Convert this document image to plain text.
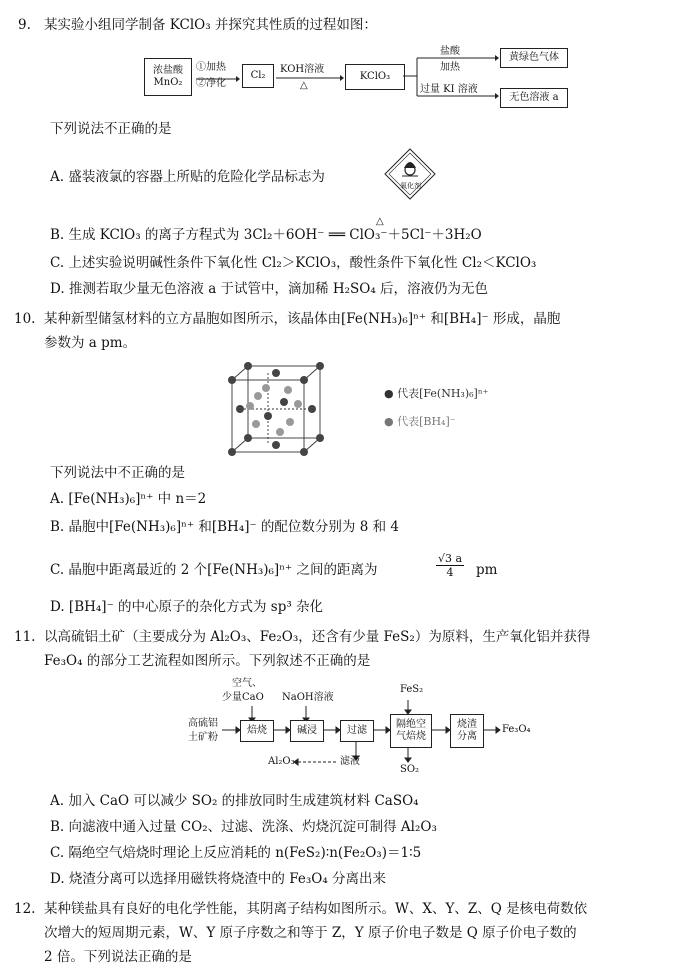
9. 某实验小组同学制备 KClO₃ 并探究其性质的过程如图：
浓盐酸
MnO₂
①加热
②净化
Cl₂
KOH溶液
△
KClO₃
盐酸
加热
过量 KI 溶液
黄绿色气体
无色溶液 a
下列说法不正确的是
A. 盛装液氯的容器上所贴的危险化学品标志为
氧化剂
B. 生成 KClO₃ 的离子方程式为 3Cl₂＋6OH⁻ ══ ClO₃⁻＋5Cl⁻＋3H₂O
△
C. 上述实验说明碱性条件下氧化性 Cl₂＞KClO₃，酸性条件下氧化性 Cl₂＜KClO₃
D. 推测若取少量无色溶液 a 于试管中，滴加稀 H₂SO₄ 后，溶液仍为无色
10. 某种新型储氢材料的立方晶胞如图所示，该晶体由[Fe(NH₃)₆]ⁿ⁺ 和[BH₄]⁻ 形成，晶胞
参数为 a pm。
● 代表[Fe(NH₃)₆]ⁿ⁺
● 代表[BH₄]⁻
下列说法中不正确的是
A. [Fe(NH₃)₆]ⁿ⁺ 中 n＝2
B. 晶胞中[Fe(NH₃)₆]ⁿ⁺ 和[BH₄]⁻ 的配位数分别为 8 和 4
C. 晶胞中距离最近的 2 个[Fe(NH₃)₆]ⁿ⁺ 之间的距离为	$\frac{√3 a}{4}$ pm
D. [BH₄]⁻ 的中心原子的杂化方式为 sp³ 杂化
11. 以高硫铝土矿（主要成分为 Al₂O₃、Fe₂O₃，还含有少量 FeS₂）为原料，生产氧化铝并获得
Fe₃O₄ 的部分工艺流程如图所示。下列叙述不正确的是
空气、
少量CaO NaOH溶液
FeS₂
高硫铝
土矿粉
焙烧	碱浸	过滤
隔绝空
气焙烧
烧渣
分离
Fe₃O₄
Al₂O₃	滤液
SO₂
A. 加入 CaO 可以减少 SO₂ 的排放同时生成建筑材料 CaSO₄
B. 向滤液中通入过量 CO₂、过滤、洗涤、灼烧沉淀可制得 Al₂O₃
C. 隔绝空气焙烧时理论上反应消耗的 n(FeS₂)∶n(Fe₂O₃)＝1∶5
D. 烧渣分离可以选择用磁铁将烧渣中的 Fe₃O₄ 分离出来
12. 某种镁盐具有良好的电化学性能，其阴离子结构如图所示。W、X、Y、Z、Q 是核电荷数依
次增大的短周期元素，W、Y 原子序数之和等于 Z，Y 原子价电子数是 Q 原子价电子数的
2 倍。下列说法正确的是
